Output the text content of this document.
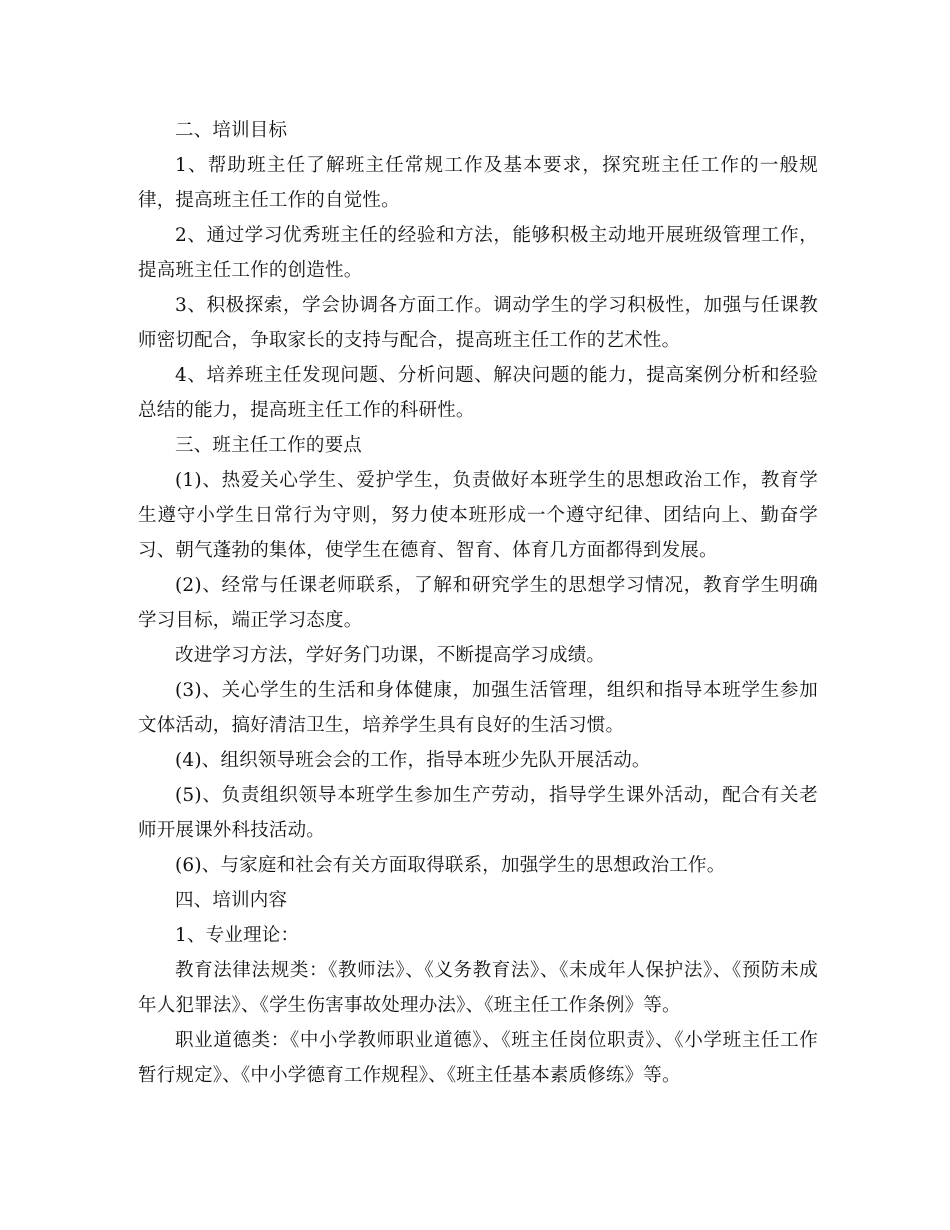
二、培训目标

1、帮助班主任了解班主任常规工作及基本要求，探究班主任工作的一般规律，提高班主任工作的自觉性。

2、通过学习优秀班主任的经验和方法，能够积极主动地开展班级管理工作，提高班主任工作的创造性。

3、积极探索，学会协调各方面工作。调动学生的学习积极性，加强与任课教师密切配合，争取家长的支持与配合，提高班主任工作的艺术性。

4、培养班主任发现问题、分析问题、解决问题的能力，提高案例分析和经验总结的能力，提高班主任工作的科研性。

三、班主任工作的要点

(1)、热爱关心学生、爱护学生，负责做好本班学生的思想政治工作，教育学生遵守小学生日常行为守则，努力使本班形成一个遵守纪律、团结向上、勤奋学习、朝气蓬勃的集体，使学生在德育、智育、体育几方面都得到发展。

(2)、经常与任课老师联系，了解和研究学生的思想学习情况，教育学生明确学习目标，端正学习态度。

改进学习方法，学好务门功课，不断提高学习成绩。

(3)、关心学生的生活和身体健康，加强生活管理，组织和指导本班学生参加文体活动，搞好清洁卫生，培养学生具有良好的生活习惯。

(4)、组织领导班会会的工作，指导本班少先队开展活动。

(5)、负责组织领导本班学生参加生产劳动，指导学生课外活动，配合有关老师开展课外科技活动。

(6)、与家庭和社会有关方面取得联系，加强学生的思想政治工作。

四、培训内容

1、专业理论：

教育法律法规类：《教师法》、《义务教育法》、《未成年人保护法》、《预防未成年人犯罪法》、《学生伤害事故处理办法》、《班主任工作条例》等。

职业道德类：《中小学教师职业道德》、《班主任岗位职责》、《小学班主任工作暂行规定》、《中小学德育工作规程》、《班主任基本素质修练》等。
